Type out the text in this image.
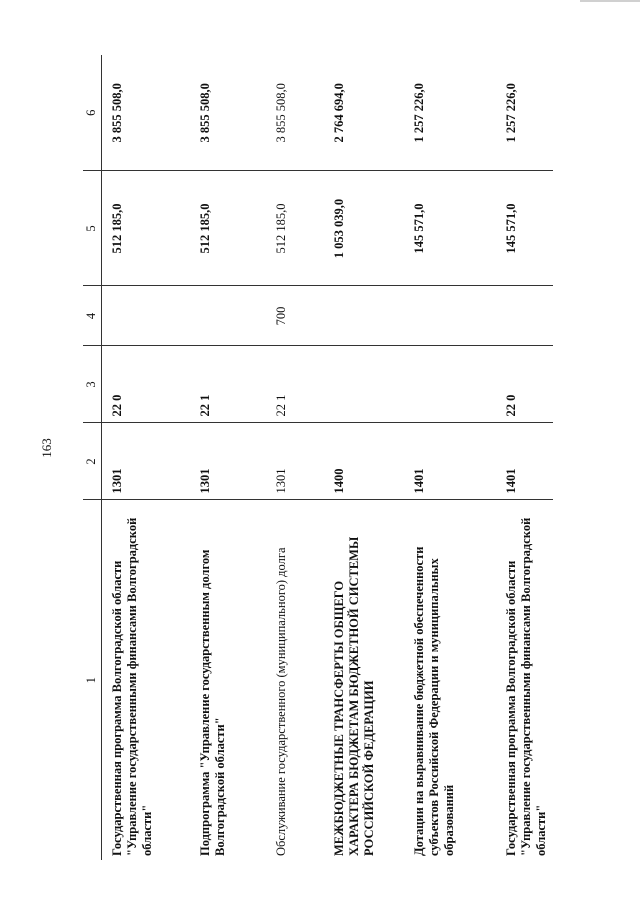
163
1	2	3	4	5	6
Государственная программа Волгоградской области "Управление государственными финансами Волгоградской области"	1301	22 0		512 185,0	3 855 508,0
Подпрограмма "Управление государственным долгом Волгоградской области"	1301	22 1		512 185,0	3 855 508,0
Обслуживание государственного (муниципального) долга	1301	22 1	700	512 185,0	3 855 508,0
МЕЖБЮДЖЕТНЫЕ ТРАНСФЕРТЫ ОБЩЕГО ХАРАКТЕРА БЮДЖЕТАМ БЮДЖЕТНОЙ СИСТЕМЫ РОССИЙСКОЙ ФЕДЕРАЦИИ	1400			1 053 039,0	2 764 694,0
Дотации на выравнивание бюджетной обеспеченности субъектов Российской Федерации и муниципальных образований	1401			145 571,0	1 257 226,0
Государственная программа Волгоградской области "Управление государственными финансами Волгоградской области"	1401	22 0		145 571,0	1 257 226,0
